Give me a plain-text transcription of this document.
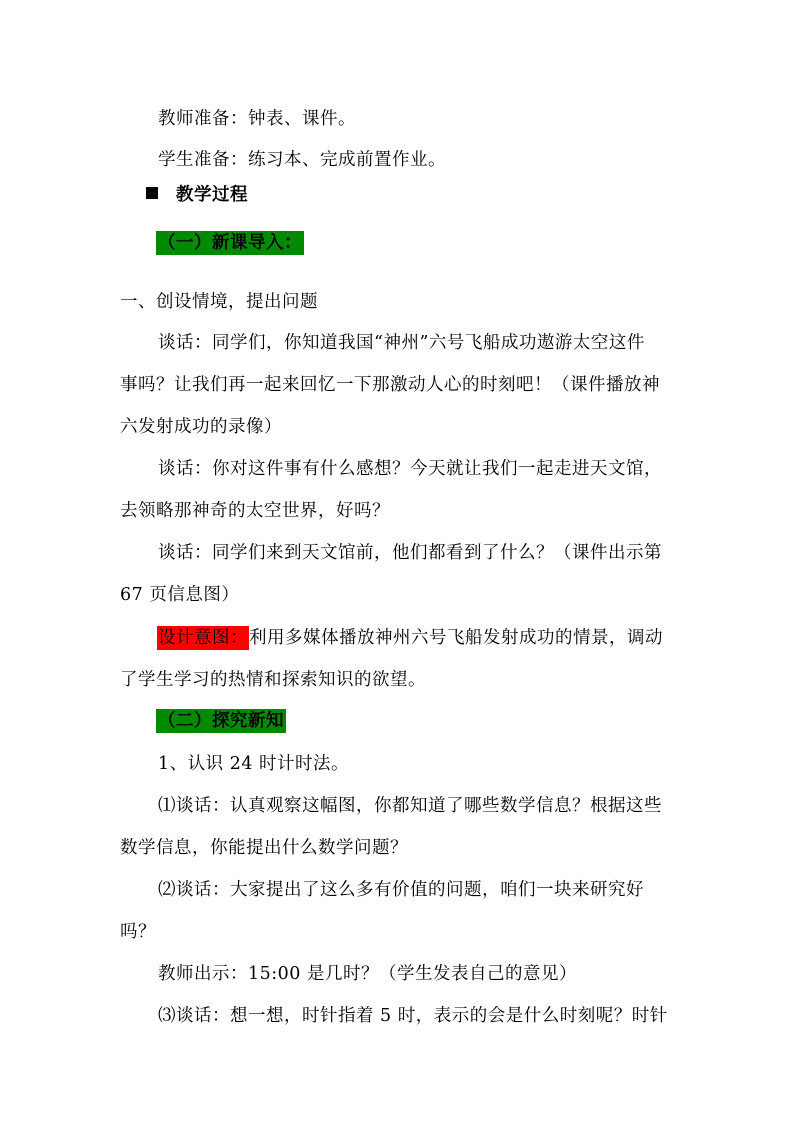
教师准备：钟表、课件。
学生准备：练习本、完成前置作业。
教学过程
（一）新课导入：
一、创设情境，提出问题
谈话：同学们，你知道我国“神州”六号飞船成功遨游太空这件
事吗？让我们再一起来回忆一下那激动人心的时刻吧！（课件播放神
六发射成功的录像）
谈话：你对这件事有什么感想？今天就让我们一起走进天文馆，
去领略那神奇的太空世界，好吗？
谈话：同学们来到天文馆前，他们都看到了什么？（课件出示第
67 页信息图）
设计意图：利用多媒体播放神州六号飞船发射成功的情景，调动
了学生学习的热情和探索知识的欲望。
（二）探究新知
1、认识 24 时计时法。
⑴谈话：认真观察这幅图，你都知道了哪些数学信息？根据这些
数学信息，你能提出什么数学问题？
⑵谈话：大家提出了这么多有价值的问题，咱们一块来研究好
吗？
教师出示：15:00 是几时？（学生发表自己的意见）
⑶谈话：想一想，时针指着 5 时，表示的会是什么时刻呢？时针
